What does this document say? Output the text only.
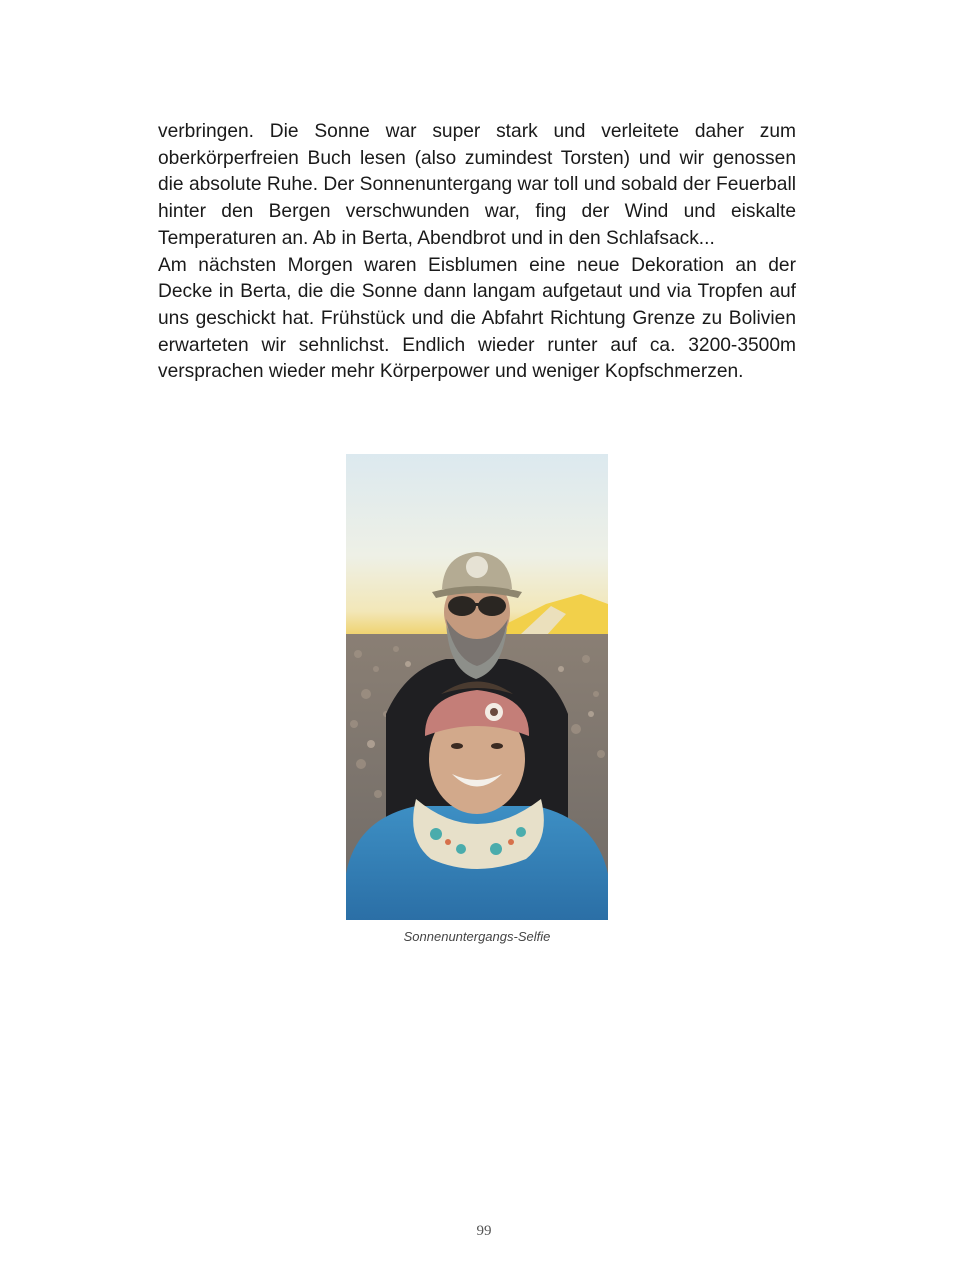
verbringen. Die Sonne war super stark und verleitete daher zum oberkörperfreien Buch lesen (also zumindest Torsten) und wir genossen die absolute Ruhe. Der Sonnenuntergang war toll und sobald der Feuerball hinter den Bergen verschwunden war, fing der Wind und eiskalte Temperaturen an. Ab in Berta, Abendbrot und in den Schlafsack...

Am nächsten Morgen waren Eisblumen eine neue Dekoration an der Decke in Berta, die die Sonne dann langam aufgetaut und via Tropfen auf uns geschickt hat. Frühstück und die Abfahrt Richtung Grenze zu Bolivien erwarteten wir sehnlichst. Endlich wieder runter auf ca. 3200-3500m versprachen wieder mehr Körperpower und weniger Kopfschmerzen.

Sonnenuntergangs-Selfie
99
